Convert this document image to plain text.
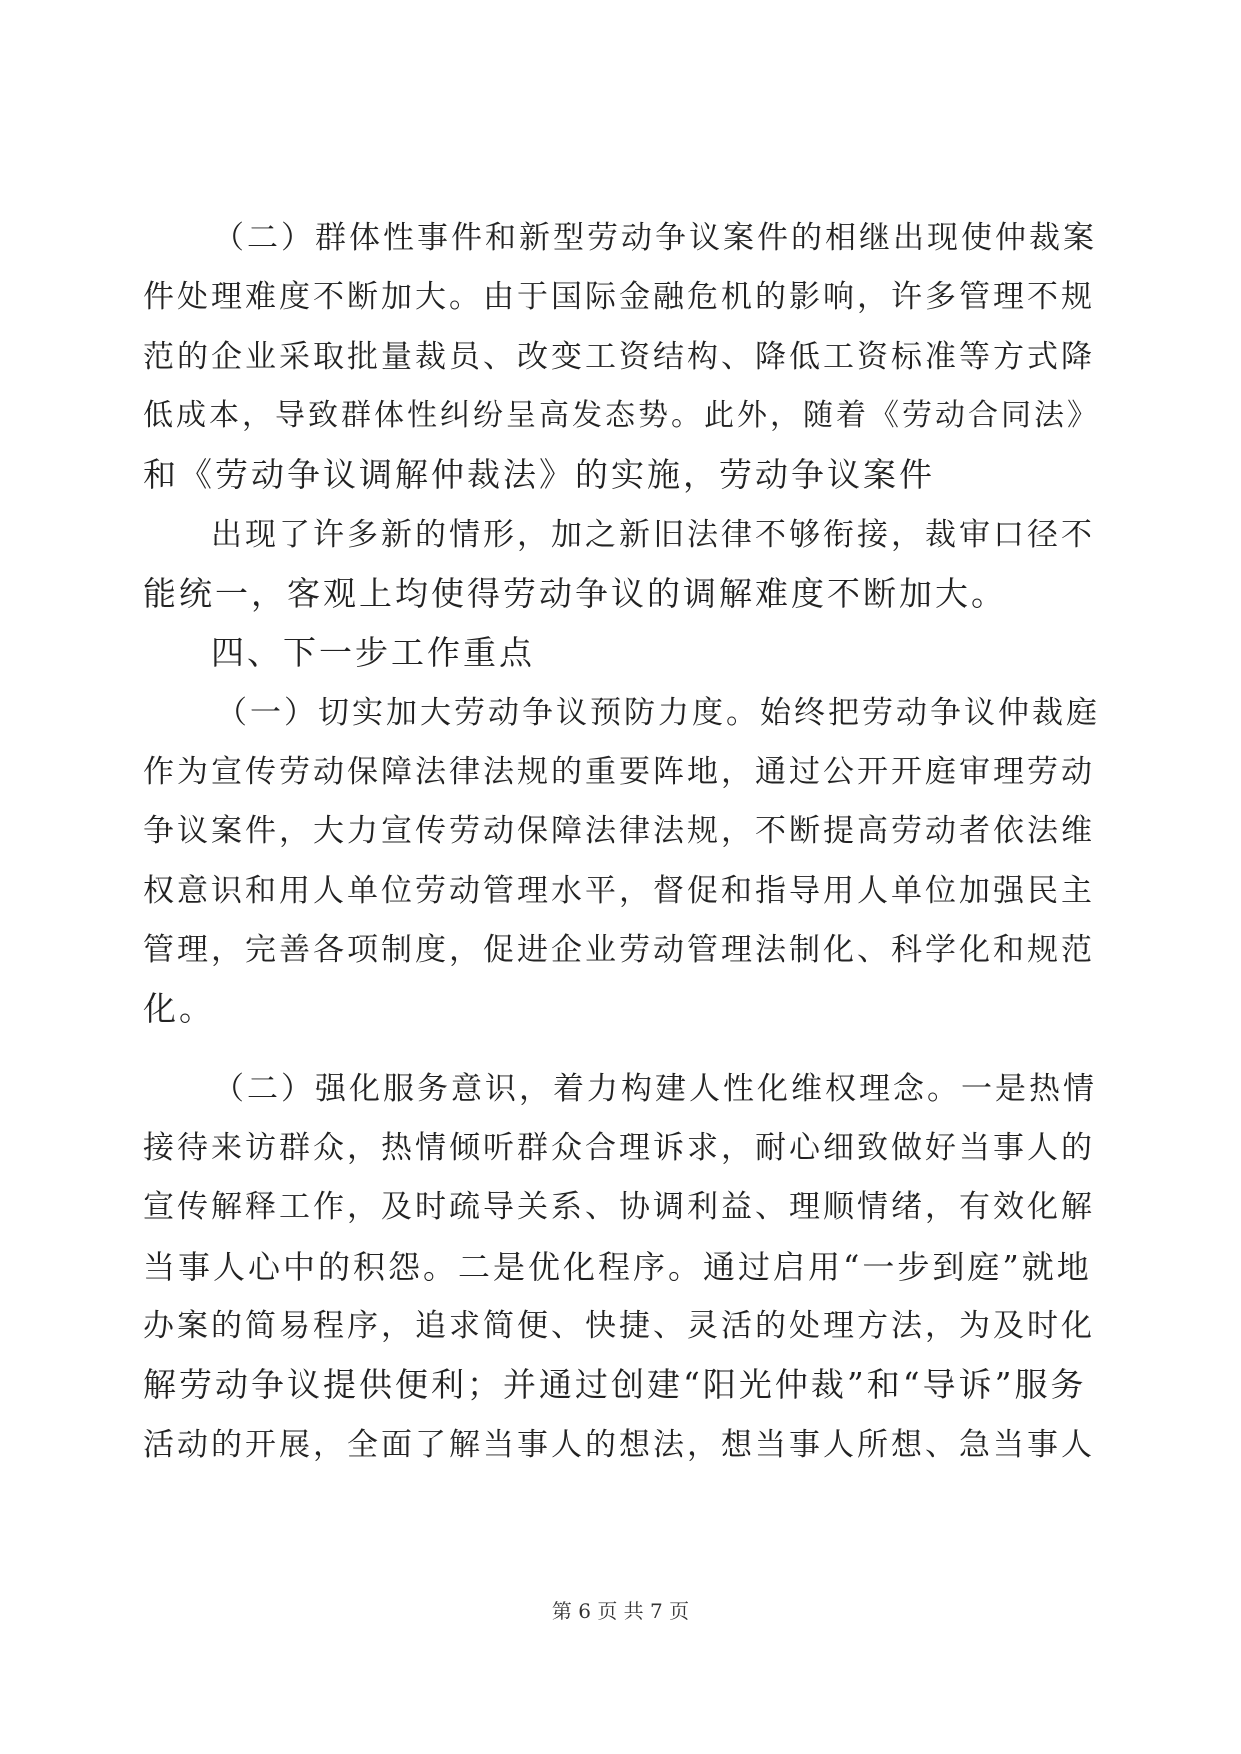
（二）群体性事件和新型劳动争议案件的相继出现使仲裁案
件处理难度不断加大。由于国际金融危机的影响，许多管理不规
范的企业采取批量裁员、改变工资结构、降低工资标准等方式降
低成本，导致群体性纠纷呈高发态势。此外，随着《劳动合同法》
和《劳动争议调解仲裁法》的实施，劳动争议案件
出现了许多新的情形，加之新旧法律不够衔接，裁审口径不
能统一，客观上均使得劳动争议的调解难度不断加大。
四、下一步工作重点
（一）切实加大劳动争议预防力度。始终把劳动争议仲裁庭
作为宣传劳动保障法律法规的重要阵地，通过公开开庭审理劳动
争议案件，大力宣传劳动保障法律法规，不断提高劳动者依法维
权意识和用人单位劳动管理水平，督促和指导用人单位加强民主
管理，完善各项制度，促进企业劳动管理法制化、科学化和规范
化。
（二）强化服务意识，着力构建人性化维权理念。一是热情
接待来访群众，热情倾听群众合理诉求，耐心细致做好当事人的
宣传解释工作，及时疏导关系、协调利益、理顺情绪，有效化解
当事人心中的积怨。二是优化程序。通过启用“一步到庭”就地
办案的简易程序，追求简便、快捷、灵活的处理方法，为及时化
解劳动争议提供便利；并通过创建“阳光仲裁”和“导诉”服务
活动的开展，全面了解当事人的想法，想当事人所想、急当事人
第 6 页 共 7 页
